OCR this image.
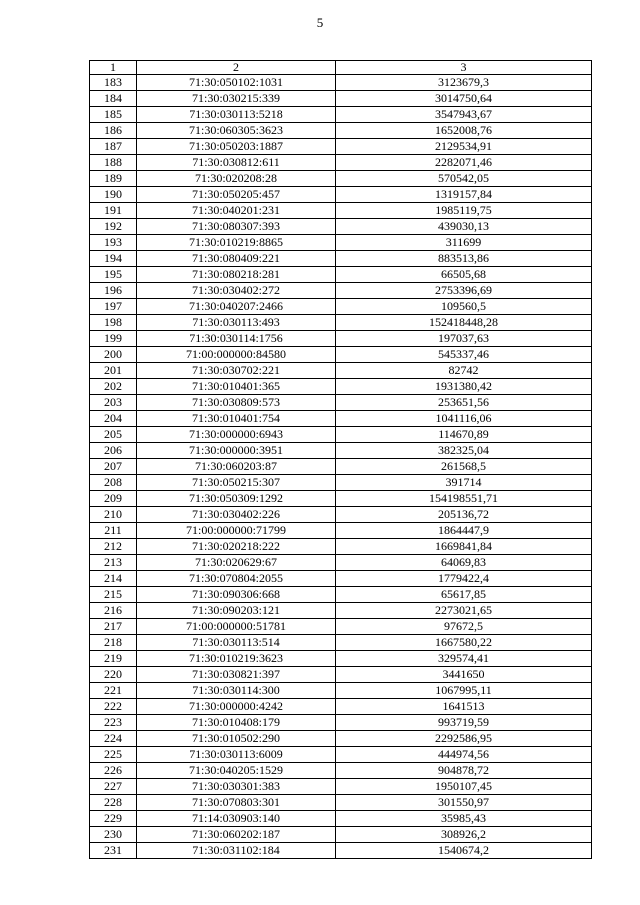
5
1	2	3
183	71:30:050102:1031	3123679,3
184	71:30:030215:339	3014750,64
185	71:30:030113:5218	3547943,67
186	71:30:060305:3623	1652008,76
187	71:30:050203:1887	2129534,91
188	71:30:030812:611	2282071,46
189	71:30:020208:28	570542,05
190	71:30:050205:457	1319157,84
191	71:30:040201:231	1985119,75
192	71:30:080307:393	439030,13
193	71:30:010219:8865	311699
194	71:30:080409:221	883513,86
195	71:30:080218:281	66505,68
196	71:30:030402:272	2753396,69
197	71:30:040207:2466	109560,5
198	71:30:030113:493	152418448,28
199	71:30:030114:1756	197037,63
200	71:00:000000:84580	545337,46
201	71:30:030702:221	82742
202	71:30:010401:365	1931380,42
203	71:30:030809:573	253651,56
204	71:30:010401:754	1041116,06
205	71:30:000000:6943	114670,89
206	71:30:000000:3951	382325,04
207	71:30:060203:87	261568,5
208	71:30:050215:307	391714
209	71:30:050309:1292	154198551,71
210	71:30:030402:226	205136,72
211	71:00:000000:71799	1864447,9
212	71:30:020218:222	1669841,84
213	71:30:020629:67	64069,83
214	71:30:070804:2055	1779422,4
215	71:30:090306:668	65617,85
216	71:30:090203:121	2273021,65
217	71:00:000000:51781	97672,5
218	71:30:030113:514	1667580,22
219	71:30:010219:3623	329574,41
220	71:30:030821:397	3441650
221	71:30:030114:300	1067995,11
222	71:30:000000:4242	1641513
223	71:30:010408:179	993719,59
224	71:30:010502:290	2292586,95
225	71:30:030113:6009	444974,56
226	71:30:040205:1529	904878,72
227	71:30:030301:383	1950107,45
228	71:30:070803:301	301550,97
229	71:14:030903:140	35985,43
230	71:30:060202:187	308926,2
231	71:30:031102:184	1540674,2
